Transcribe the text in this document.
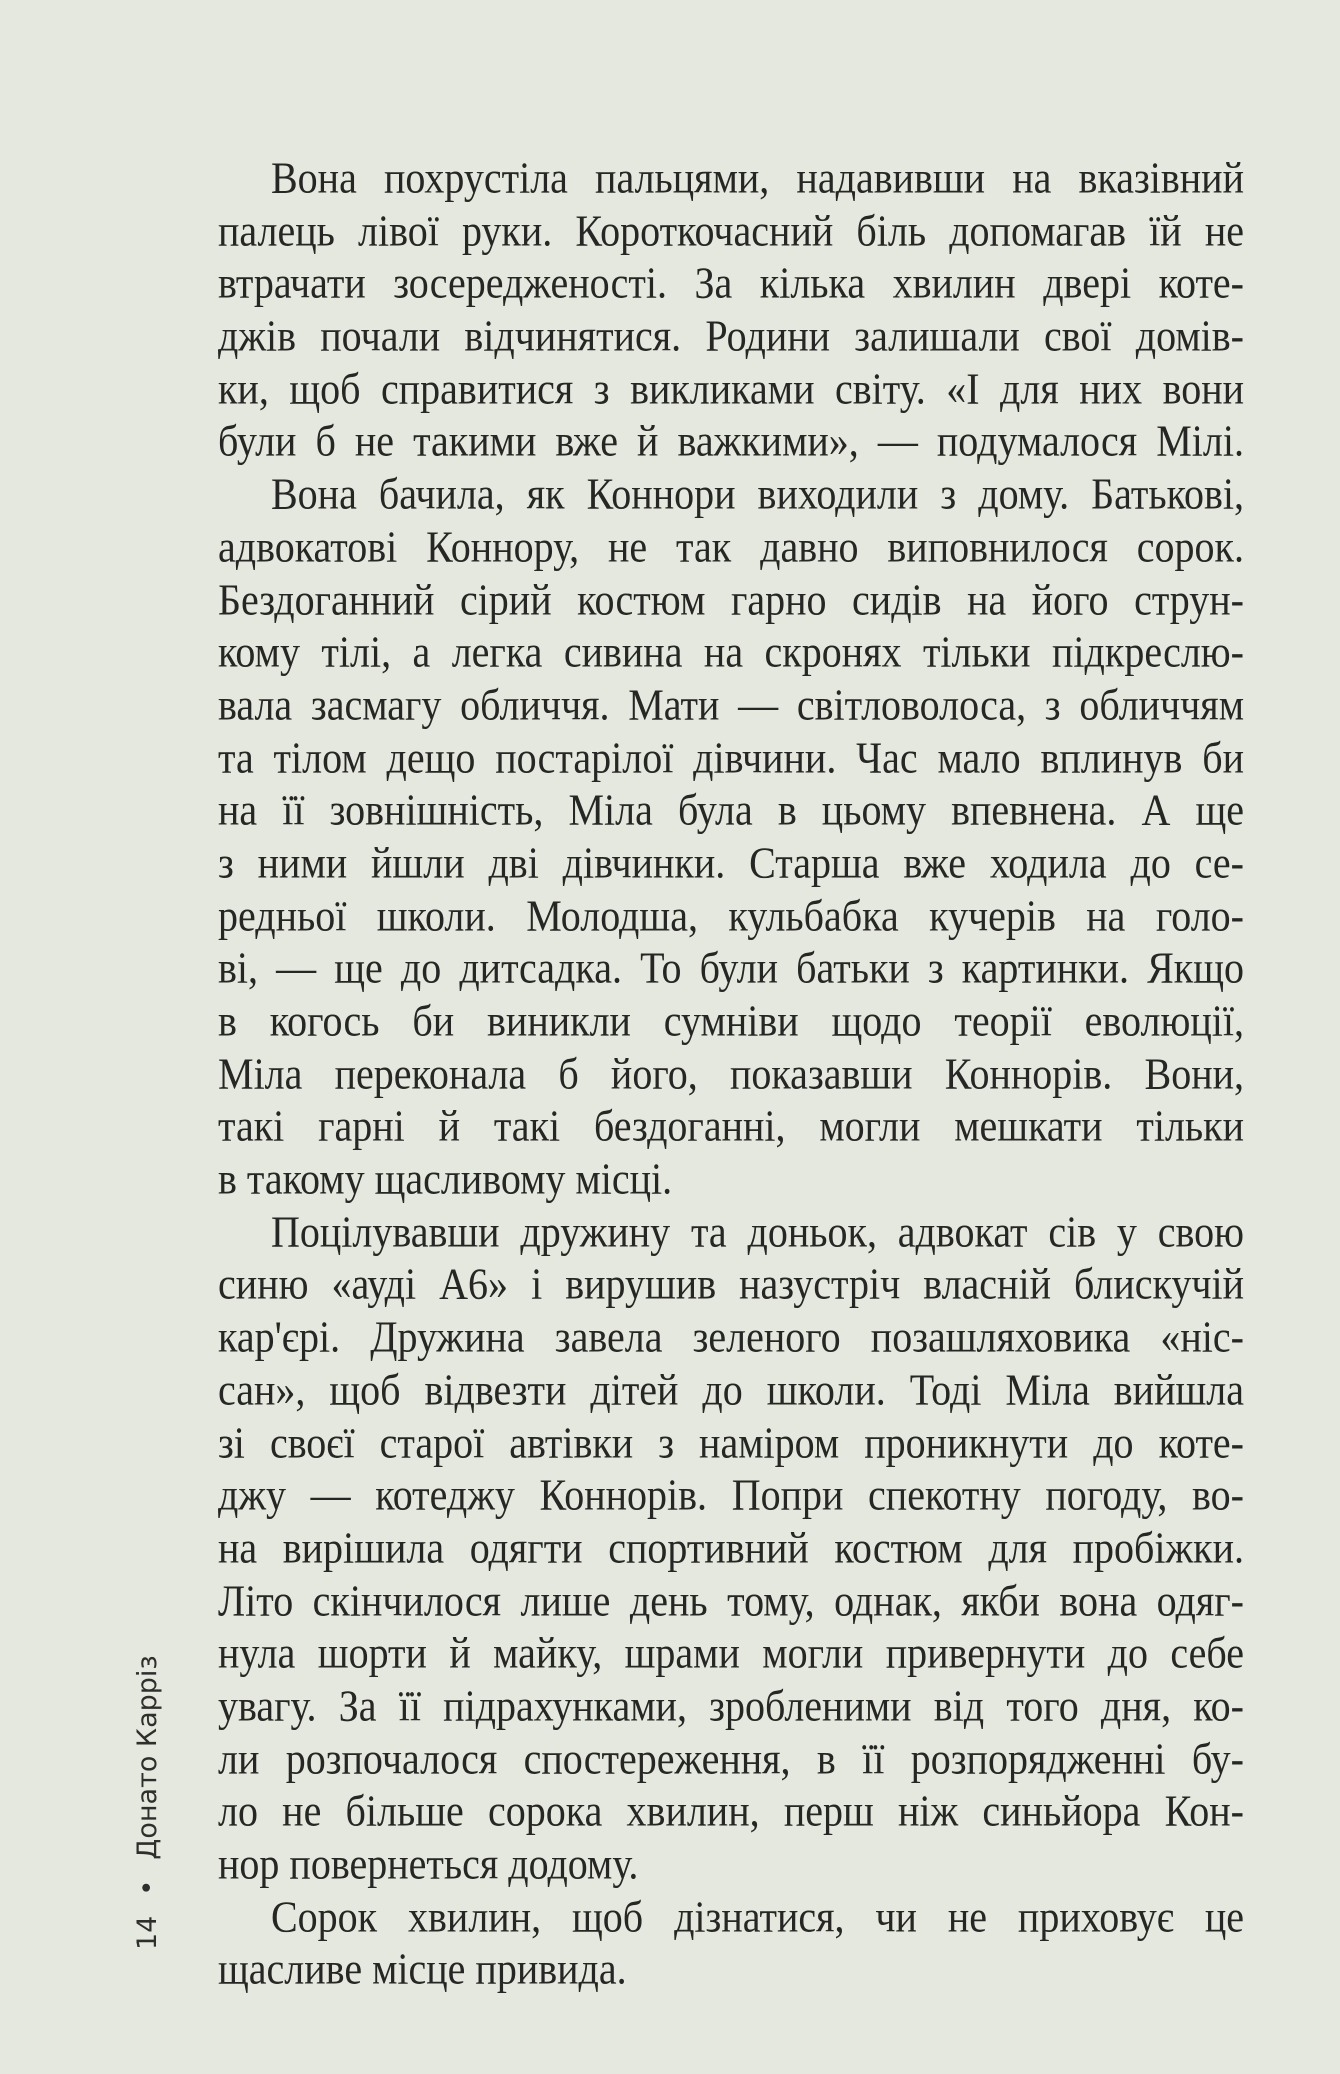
Вона похрустіла пальцями, надавивши на вказівний
палець лівої руки. Короткочасний біль допомагав їй не
втрачати зосередженості. За кілька хвилин двері коте-
джів почали відчинятися. Родини залишали свої домів-
ки, щоб справитися з викликами світу. «І для них вони
були б не такими вже й важкими», — подумалося Мілі.
Вона бачила, як Коннори виходили з дому. Батькові,
адвокатові Коннору, не так давно виповнилося сорок.
Бездоганний сірий костюм гарно сидів на його струн-
кому тілі, а легка сивина на скронях тільки підкреслю-
вала засмагу обличчя. Мати — світловолоса, з обличчям
та тілом дещо постарілої дівчини. Час мало вплинув би
на її зовнішність, Міла була в цьому впевнена. А ще
з ними йшли дві дівчинки. Старша вже ходила до се-
редньої школи. Молодша, кульбабка кучерів на голо-
ві, — ще до дитсадка. То були батьки з картинки. Якщо
в когось би виникли сумніви щодо теорії еволюції,
Міла переконала б його, показавши Коннорів. Вони,
такі гарні й такі бездоганні, могли мешкати тільки
в такому щасливому місці.
Поцілувавши дружину та доньок, адвокат сів у свою
синю «ауді А6» і вирушив назустріч власній блискучій
кар'єрі. Дружина завела зеленого позашляховика «ніс-
сан», щоб відвезти дітей до школи. Тоді Міла вийшла
зі своєї старої автівки з наміром проникнути до коте-
джу — котеджу Коннорів. Попри спекотну погоду, во-
на вирішила одягти спортивний костюм для пробіжки.
Літо скінчилося лише день тому, однак, якби вона одяг-
нула шорти й майку, шрами могли привернути до себе
увагу. За її підрахунками, зробленими від того дня, ко-
ли розпочалося спостереження, в її розпорядженні бу-
ло не більше сорока хвилин, перш ніж синьйора Кон-
нор повернеться додому.
Сорок хвилин, щоб дізнатися, чи не приховує це
щасливе місце привида.
14•Донато Карріз
